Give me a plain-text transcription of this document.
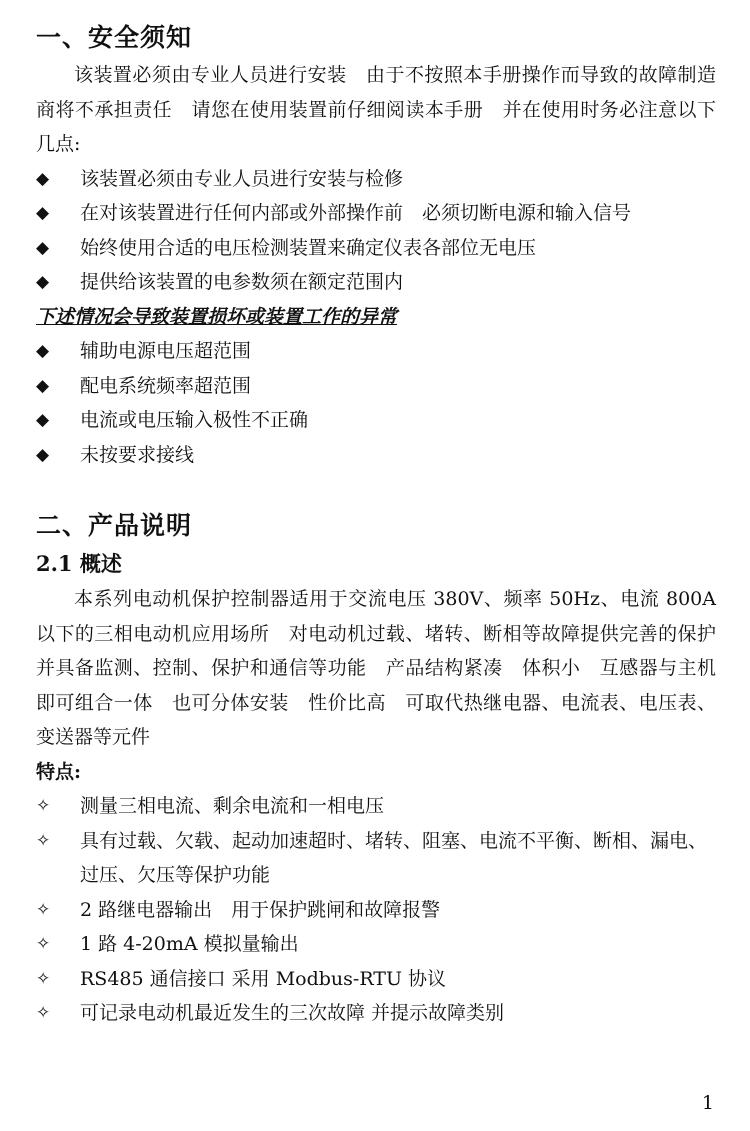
一、安全须知

该装置必须由专业人员进行安装　由于不按照本手册操作而导致的故障制造商将不承担责任　请您在使用装置前仔细阅读本手册　并在使用时务必注意以下几点:

◆	该装置必须由专业人员进行安装与检修
◆	在对该装置进行任何内部或外部操作前　必须切断电源和输入信号
◆	始终使用合适的电压检测装置来确定仪表各部位无电压
◆	提供给该装置的电参数须在额定范围内

下述情况会导致装置损坏或装置工作的异常

◆	辅助电源电压超范围
◆	配电系统频率超范围
◆	电流或电压输入极性不正确
◆	未按要求接线
二、产品说明
2.1 概述

本系列电动机保护控制器适用于交流电压 380V、频率 50Hz、电流 800A 以下的三相电动机应用场所　对电动机过载、堵转、断相等故障提供完善的保护并具备监测、控制、保护和通信等功能　产品结构紧凑　体积小　互感器与主机即可组合一体　也可分体安装　性价比高　可取代热继电器、电流表、电压表、变送器等元件

特点:

✧	测量三相电流、剩余电流和一相电压
✧	具有过载、欠载、起动加速超时、堵转、阻塞、电流不平衡、断相、漏电、过压、欠压等保护功能
✧	2 路继电器输出　用于保护跳闸和故障报警
✧	1 路 4-20mA 模拟量输出
✧	RS485 通信接口 采用 Modbus-RTU 协议
✧	可记录电动机最近发生的三次故障 并提示故障类别
1
